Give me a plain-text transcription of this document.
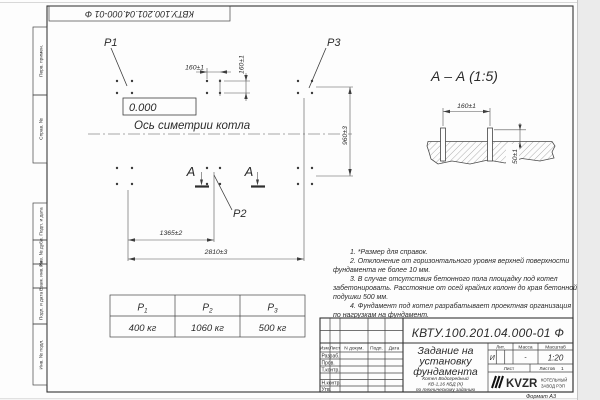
КВТУ.100.201.04.000-01 Ф
Перв. примен.
Справ. №
Подп. и дата
Инв. № дубл.
Взам. инв. №
Подп. и дата
Инв. № подл.
P1	P3
P2
0.000
Ось симетрии котла
160±1	160±1
960±3
1365±2
2810±3
А	А
А – А (1:5)
160±1
50±1
1. *Размер для справок.
2. Отклонение от горизонтального уровня верхней поверхности
фундамента не более 10 мм.
3. В случае отсутствия бетонного пола площадку под котел
забетонировать. Расстояние от осей крайних колонн до края бетонной
подушки 500 мм.
4. Фундамент под котел разрабатывает проектная организация
по нагрузкам на фундамент.
$P_1$	$P_2$	$P_3$
400 кг	1060 кг	500 кг	КВТУ.100.201.04.000-01 Ф
Изм. Лист N докум. Подп. Дата
Разраб.
Пров.
Т.контр.
Н.контр.
Утв.
Задание на
установку
фундамента
Котел Водогрейный
КВ-1,16 КБД (К)
по техническому заданию
Лит.	Масса	Масштаб
И	-	1:20
Лист	Листов 1
KVZR КОТЕЛЬНЫЙ
ЗАВОД РЭП
Формат А3
